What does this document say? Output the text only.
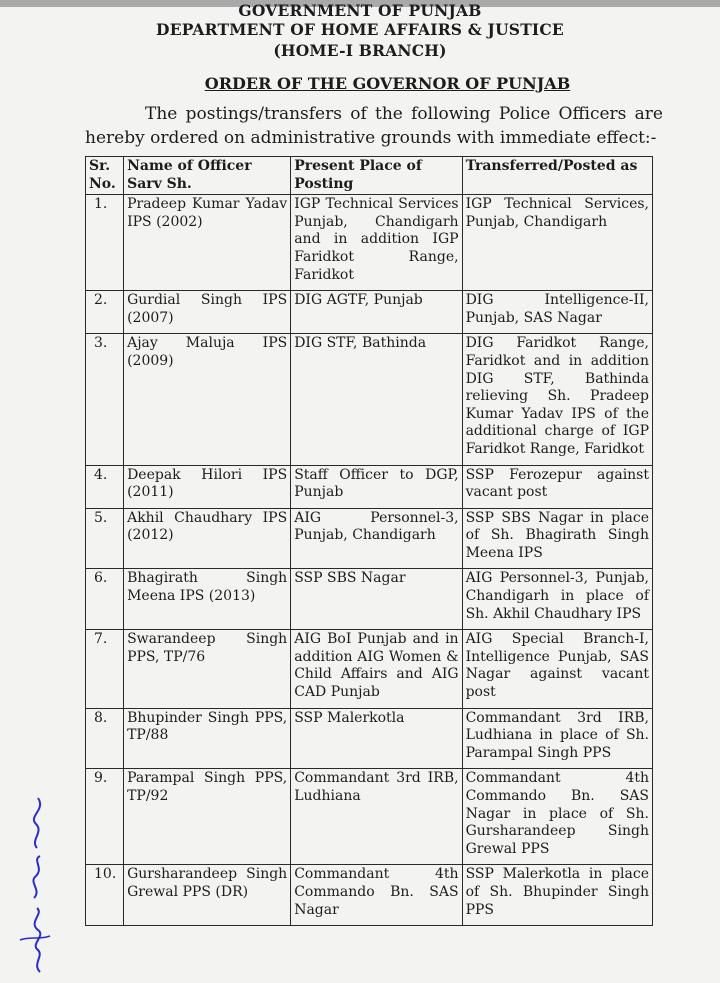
GOVERNMENT OF PUNJAB
DEPARTMENT OF HOME AFFAIRS & JUSTICE
(HOME-I BRANCH)
ORDER OF THE GOVERNOR OF PUNJAB
The postings/transfers of the following Police Officers are hereby ordered on administrative grounds with immediate effect:-
Sr. No.	Name of Officer Sarv Sh.	Present Place of Posting	Transferred/Posted as
1.	Pradeep Kumar Yadav IPS (2002)	IGP Technical Services Punjab, Chandigarh and in addition IGP Faridkot Range, Faridkot	IGP Technical Services, Punjab, Chandigarh
2.	Gurdial Singh IPS (2007)	DIG AGTF, Punjab	DIG Intelligence-II, Punjab, SAS Nagar
3.	Ajay Maluja IPS (2009)	DIG STF, Bathinda	DIG Faridkot Range, Faridkot and in addition DIG STF, Bathinda relieving Sh. Pradeep Kumar Yadav IPS of the additional charge of IGP Faridkot Range, Faridkot
4.	Deepak Hilori IPS (2011)	Staff Officer to DGP, Punjab	SSP Ferozepur against vacant post
5.	Akhil Chaudhary IPS (2012)	AIG Personnel-3, Punjab, Chandigarh	SSP SBS Nagar in place of Sh. Bhagirath Singh Meena IPS
6.	Bhagirath Singh Meena IPS (2013)	SSP SBS Nagar	AIG Personnel-3, Punjab, Chandigarh in place of Sh. Akhil Chaudhary IPS
7.	Swarandeep Singh PPS, TP/76	AIG BoI Punjab and in addition AIG Women & Child Affairs and AIG CAD Punjab	AIG Special Branch-I, Intelligence Punjab, SAS Nagar against vacant post
8.	Bhupinder Singh PPS, TP/88	SSP Malerkotla	Commandant 3rd IRB, Ludhiana in place of Sh. Parampal Singh PPS
9.	Parampal Singh PPS, TP/92	Commandant 3rd IRB, Ludhiana	Commandant 4th Commando Bn. SAS Nagar in place of Sh. Gursharandeep Singh Grewal PPS
10.	Gursharandeep Singh Grewal PPS (DR)	Commandant 4th Commando Bn. SAS Nagar	SSP Malerkotla in place of Sh. Bhupinder Singh PPS
